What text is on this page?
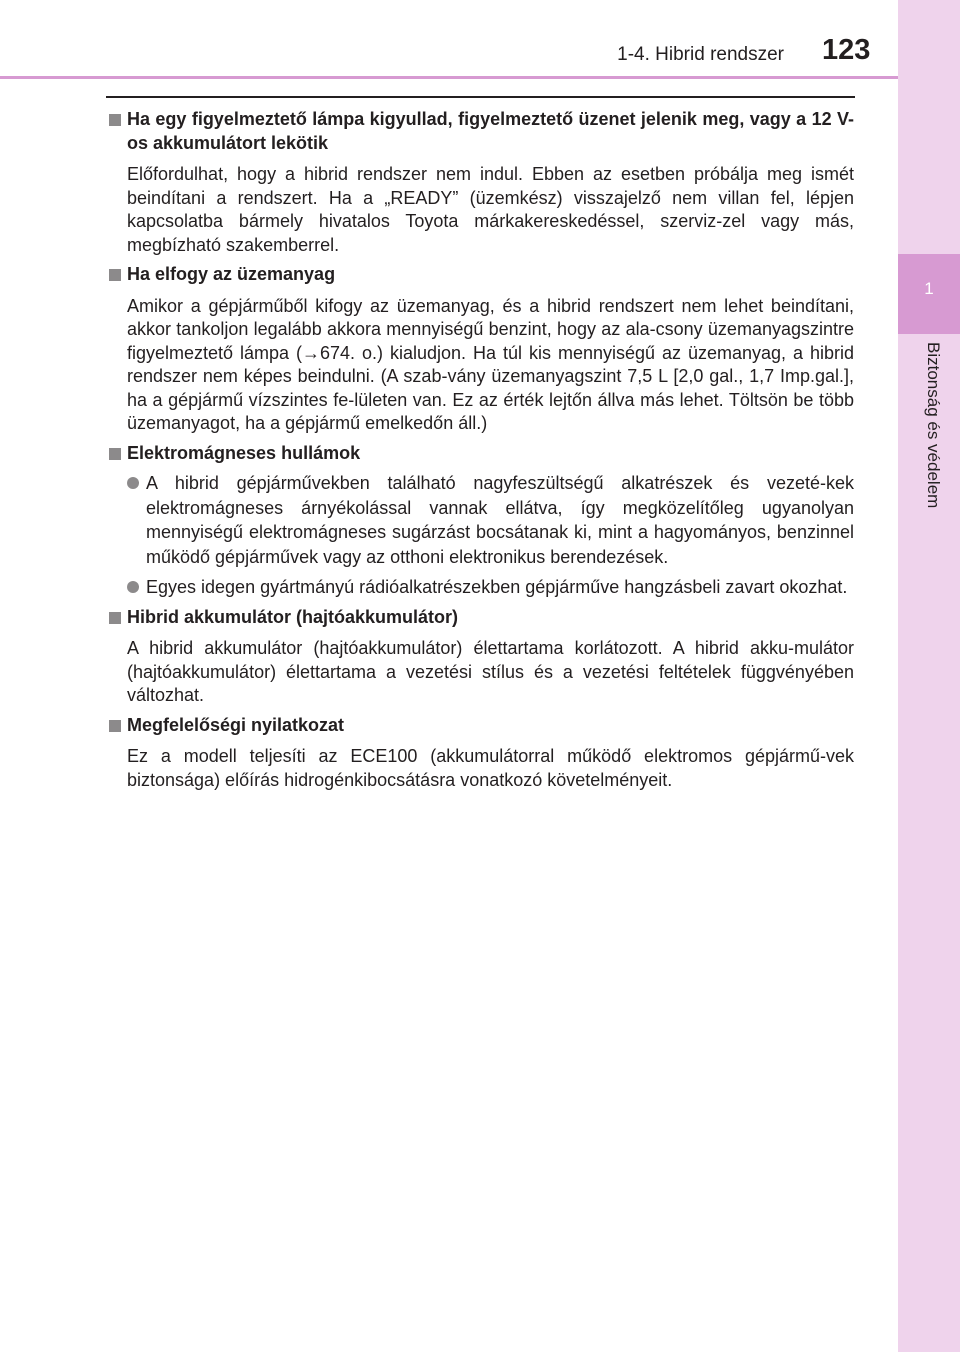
1-4. Hibrid rendszer 123
1
Biztonság és védelem
Ha egy figyelmeztető lámpa kigyullad, figyelmeztető üzenet jelenik meg, vagy a 12 V-os akkumulátort lekötik
Előfordulhat, hogy a hibrid rendszer nem indul. Ebben az esetben próbálja meg ismét beindítani a rendszert. Ha a „READY” (üzemkész) visszajelző nem villan fel, lépjen kapcsolatba bármely hivatalos Toyota márkakereskedéssel, szerviz-zel vagy más, megbízható szakemberrel.
Ha elfogy az üzemanyag
Amikor a gépjárműből kifogy az üzemanyag, és a hibrid rendszert nem lehet beindítani, akkor tankoljon legalább akkora mennyiségű benzint, hogy az ala-csony üzemanyagszintre figyelmeztető lámpa (→674. o.) kialudjon. Ha túl kis mennyiségű az üzemanyag, a hibrid rendszer nem képes beindulni. (A szab-vány üzemanyagszint 7,5 L [2,0 gal., 1,7 Imp.gal.], ha a gépjármű vízszintes fe-lületen van. Ez az érték lejtőn állva más lehet. Töltsön be több üzemanyagot, ha a gépjármű emelkedőn áll.)
Elektromágneses hullámok
A hibrid gépjárművekben található nagyfeszültségű alkatrészek és vezeté-kek elektromágneses árnyékolással vannak ellátva, így megközelítőleg ugyanolyan mennyiségű elektromágneses sugárzást bocsátanak ki, mint a hagyományos, benzinnel működő gépjárművek vagy az otthoni elektronikus berendezések.
Egyes idegen gyártmányú rádióalkatrészekben gépjárműve hangzásbeli zavart okozhat.
Hibrid akkumulátor (hajtóakkumulátor)
A hibrid akkumulátor (hajtóakkumulátor) élettartama korlátozott. A hibrid akku-mulátor (hajtóakkumulátor) élettartama a vezetési stílus és a vezetési feltételek függvényében változhat.
Megfelelőségi nyilatkozat
Ez a modell teljesíti az ECE100 (akkumulátorral működő elektromos gépjármű-vek biztonsága) előírás hidrogénkibocsátásra vonatkozó követelményeit.
